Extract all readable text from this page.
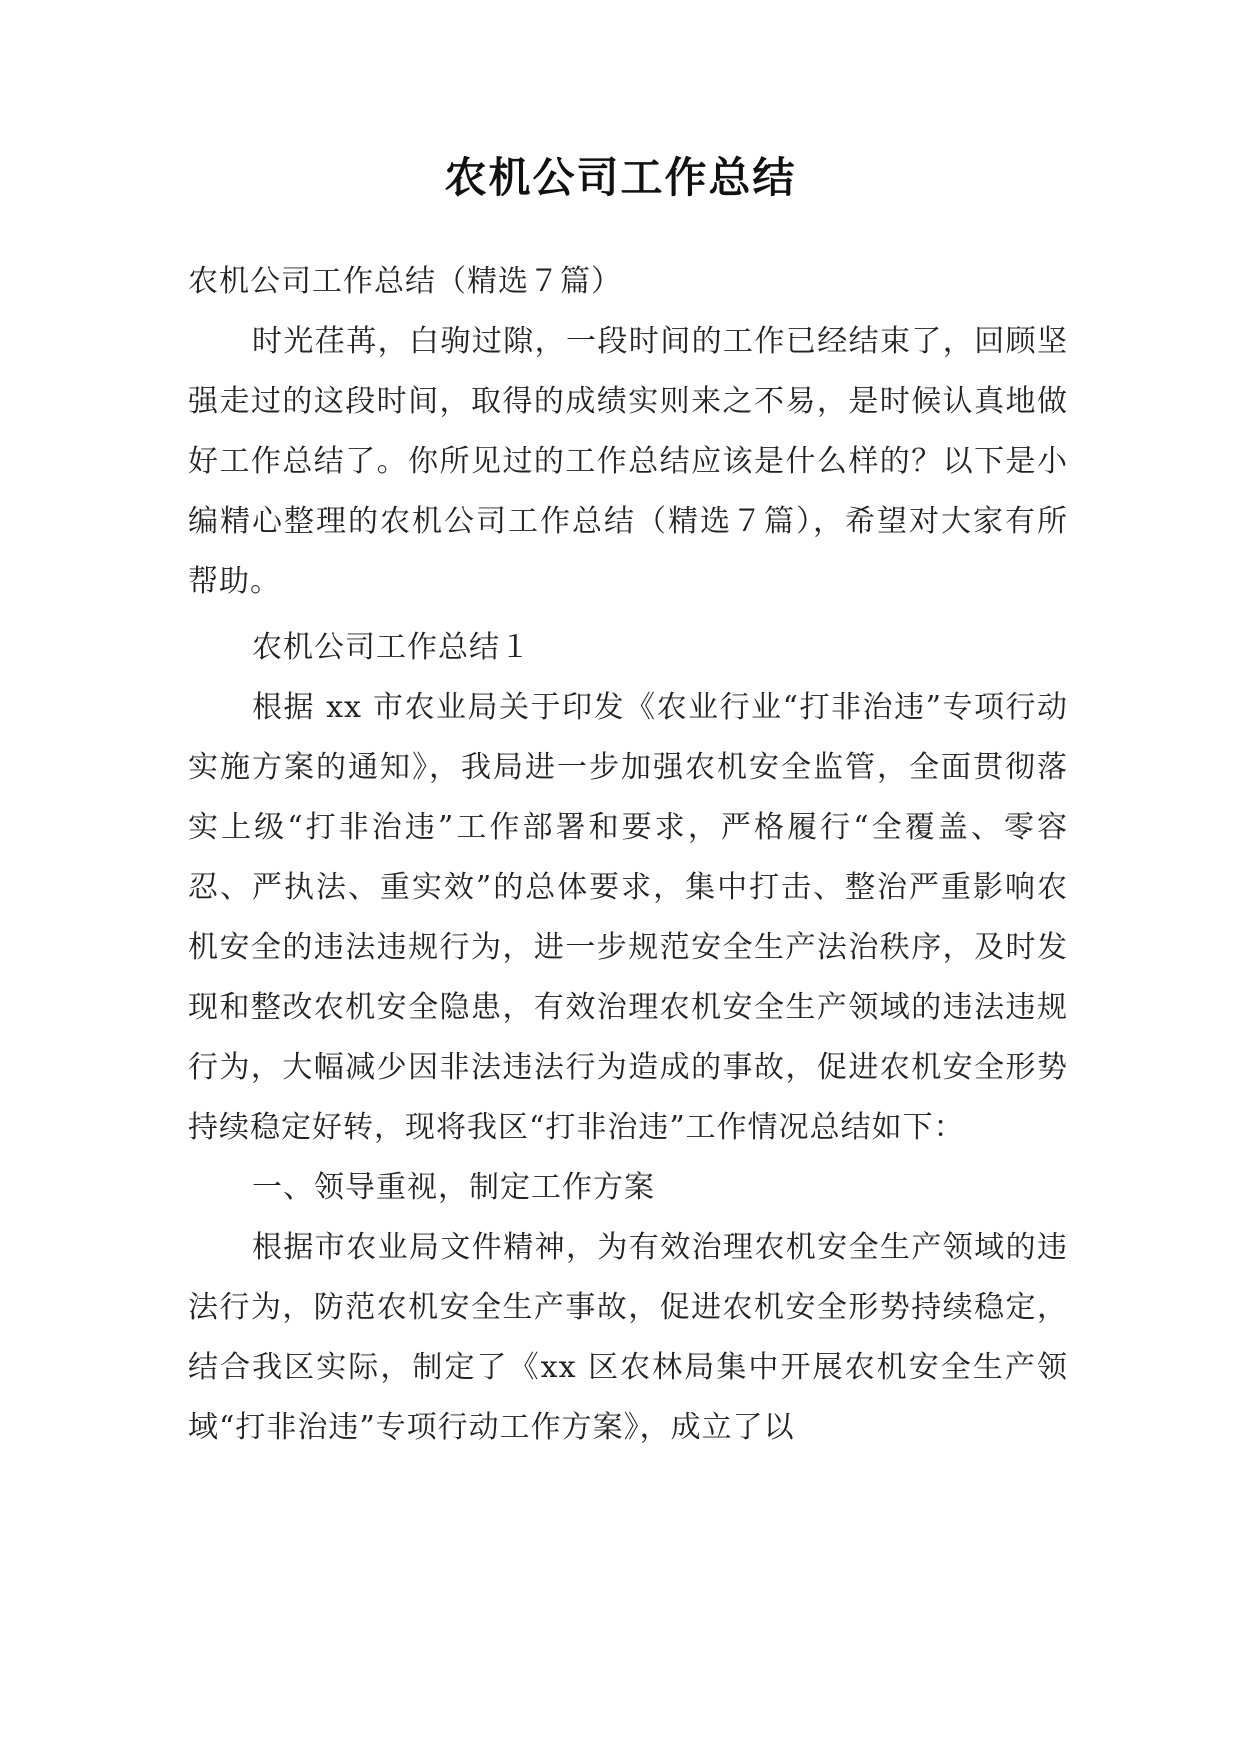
农机公司工作总结

农机公司工作总结（精选７篇）

时光荏苒，白驹过隙，一段时间的工作已经结束了，回顾坚强走过的这段时间，取得的成绩实则来之不易，是时候认真地做好工作总结了。你所见过的工作总结应该是什么样的？以下是小编精心整理的农机公司工作总结（精选７篇），希望对大家有所帮助。

农机公司工作总结１

根据 xx 市农业局关于印发《农业行业“打非治违”专项行动实施方案的通知》，我局进一步加强农机安全监管，全面贯彻落实上级“打非治违”工作部署和要求，严格履行“全覆盖、零容忍、严执法、重实效”的总体要求，集中打击、整治严重影响农机安全的违法违规行为，进一步规范安全生产法治秩序，及时发现和整改农机安全隐患，有效治理农机安全生产领域的违法违规行为，大幅减少因非法违法行为造成的事故，促进农机安全形势持续稳定好转，现将我区“打非治违”工作情况总结如下：

一、领导重视，制定工作方案

根据市农业局文件精神，为有效治理农机安全生产领域的违法行为，防范农机安全生产事故，促进农机安全形势持续稳定，结合我区实际，制定了《xx 区农林局集中开展农机安全生产领域“打非治违”专项行动工作方案》，成立了以
